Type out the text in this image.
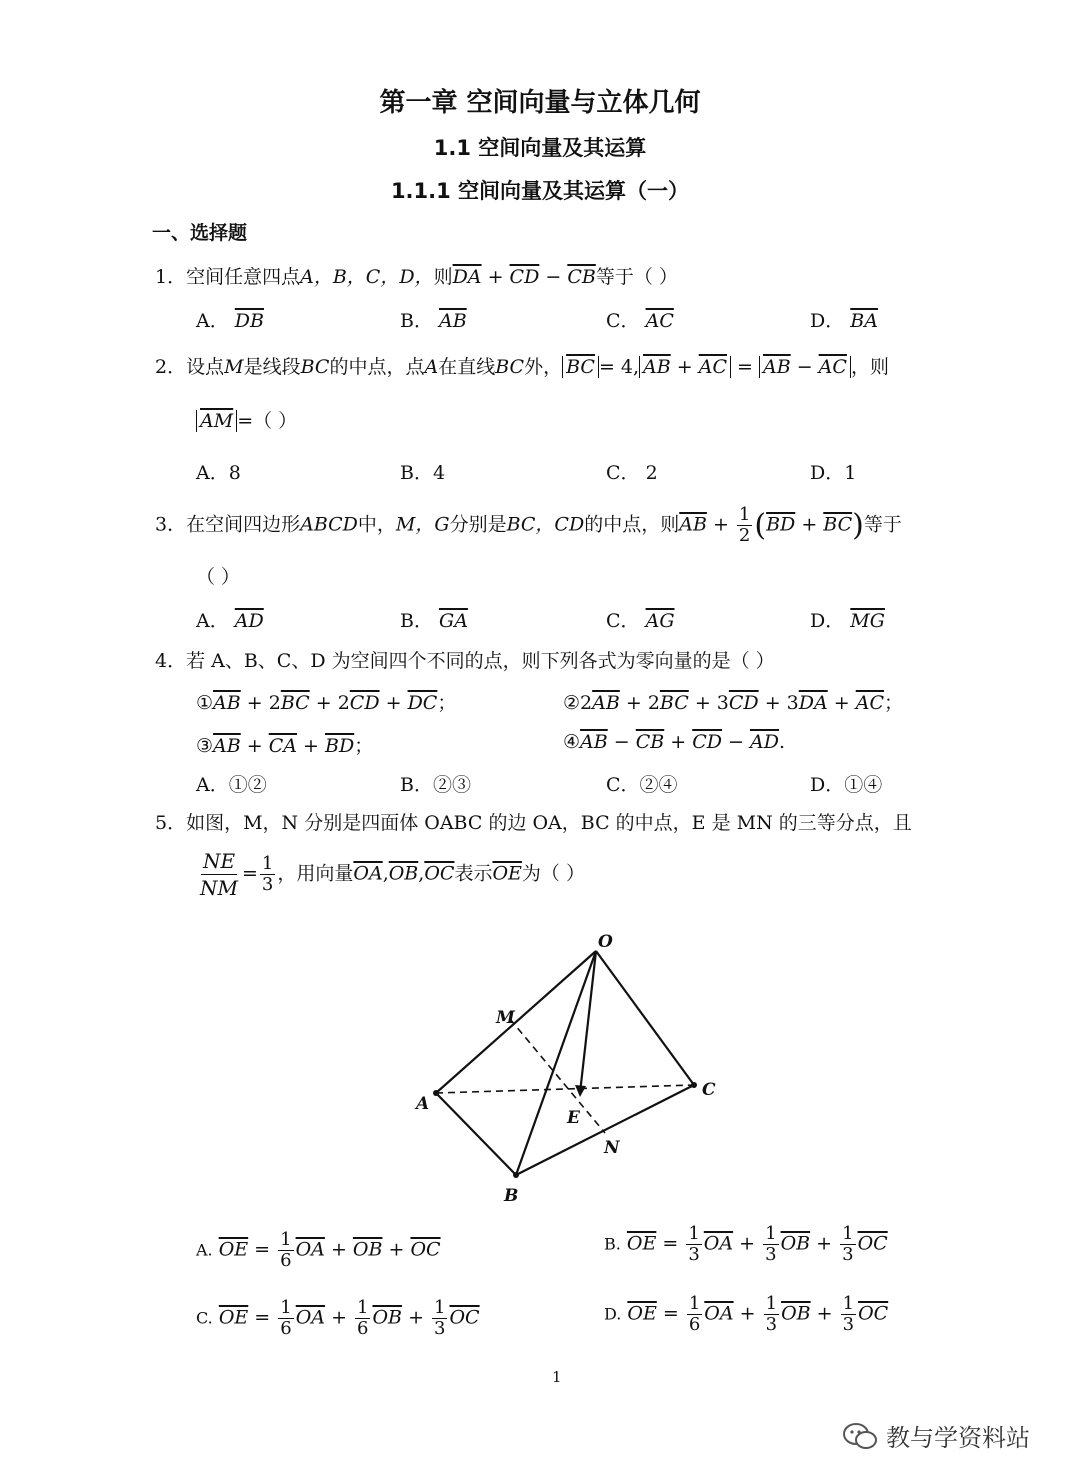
第一章 空间向量与立体几何
1.1 空间向量及其运算
1.1.1 空间向量及其运算（一）
一、选择题
1．空间任意四点A，B，C，D，则$\overline{DA} + \overline{CD} - \overline{CB}$等于（ ）
A． $\overline{DB}$	B． $\overline{AB}$	C． $\overline{AC}$	D． $\overline{BA}$
2．设点M是线段BC的中点，点A在直线BC外， $\overline{BC} = 4$, $\overline{AB} + \overline{AC} = \overline{AB} - \overline{AC}$ ，则
$\overline{AM}$ =（ ）
A．8	B．4	C． 2	D．1
3．在空间四边形ABCD中，M，G分别是BC，CD的中点，则$\overline{AB} + \frac{1}{2} (\overline{BD} + \overline{BC})$等于
（ ）
A． $\overline{AD}$	B． $\overline{GA}$	C． $\overline{AG}$	D． $\overline{MG}$
4．若 A、B、C、D 为空间四个不同的点，则下列各式为零向量的是（ ）
$①\overline{AB} + 2\overline{BC} + 2\overline{CD} + \overline{DC}$；	$②2\overline{AB} + 2\overline{BC} + 3\overline{CD} + 3\overline{DA} + \overline{AC}$；
$③\overline{AB} + \overline{CA} + \overline{BD}$；	$④\overline{AB} - \overline{CB} + \overline{CD} - \overline{AD}$.
A．①②	B．②③	C．②④	D．①④
5．如图，M，N 分别是四面体 OABC 的边 OA，BC 的中点，E 是 MN 的三等分点，且
$\frac{NE}{NM} = \frac{1}{3}$ ，用向量$\overline{OA},\overline{OB},\overline{OC}$表示$\overline{OE}$为（ ）
O
M
A
C
E
N
B
A. $\overline{OE} = \frac{1}{6} \overline{OA} + \overline{OB} + \overline{OC}$	B. $\overline{OE} = \frac{1}{3} \overline{OA} + \frac{1}{3} \overline{OB} + \frac{1}{3} \overline{OC}$
C. $\overline{OE} = \frac{1}{6} \overline{OA} + \frac{1}{6} \overline{OB} + \frac{1}{3} \overline{OC}$	D. $\overline{OE} = \frac{1}{6} \overline{OA} + \frac{1}{3} \overline{OB} + \frac{1}{3} \overline{OC}$
1
教与学资料站
